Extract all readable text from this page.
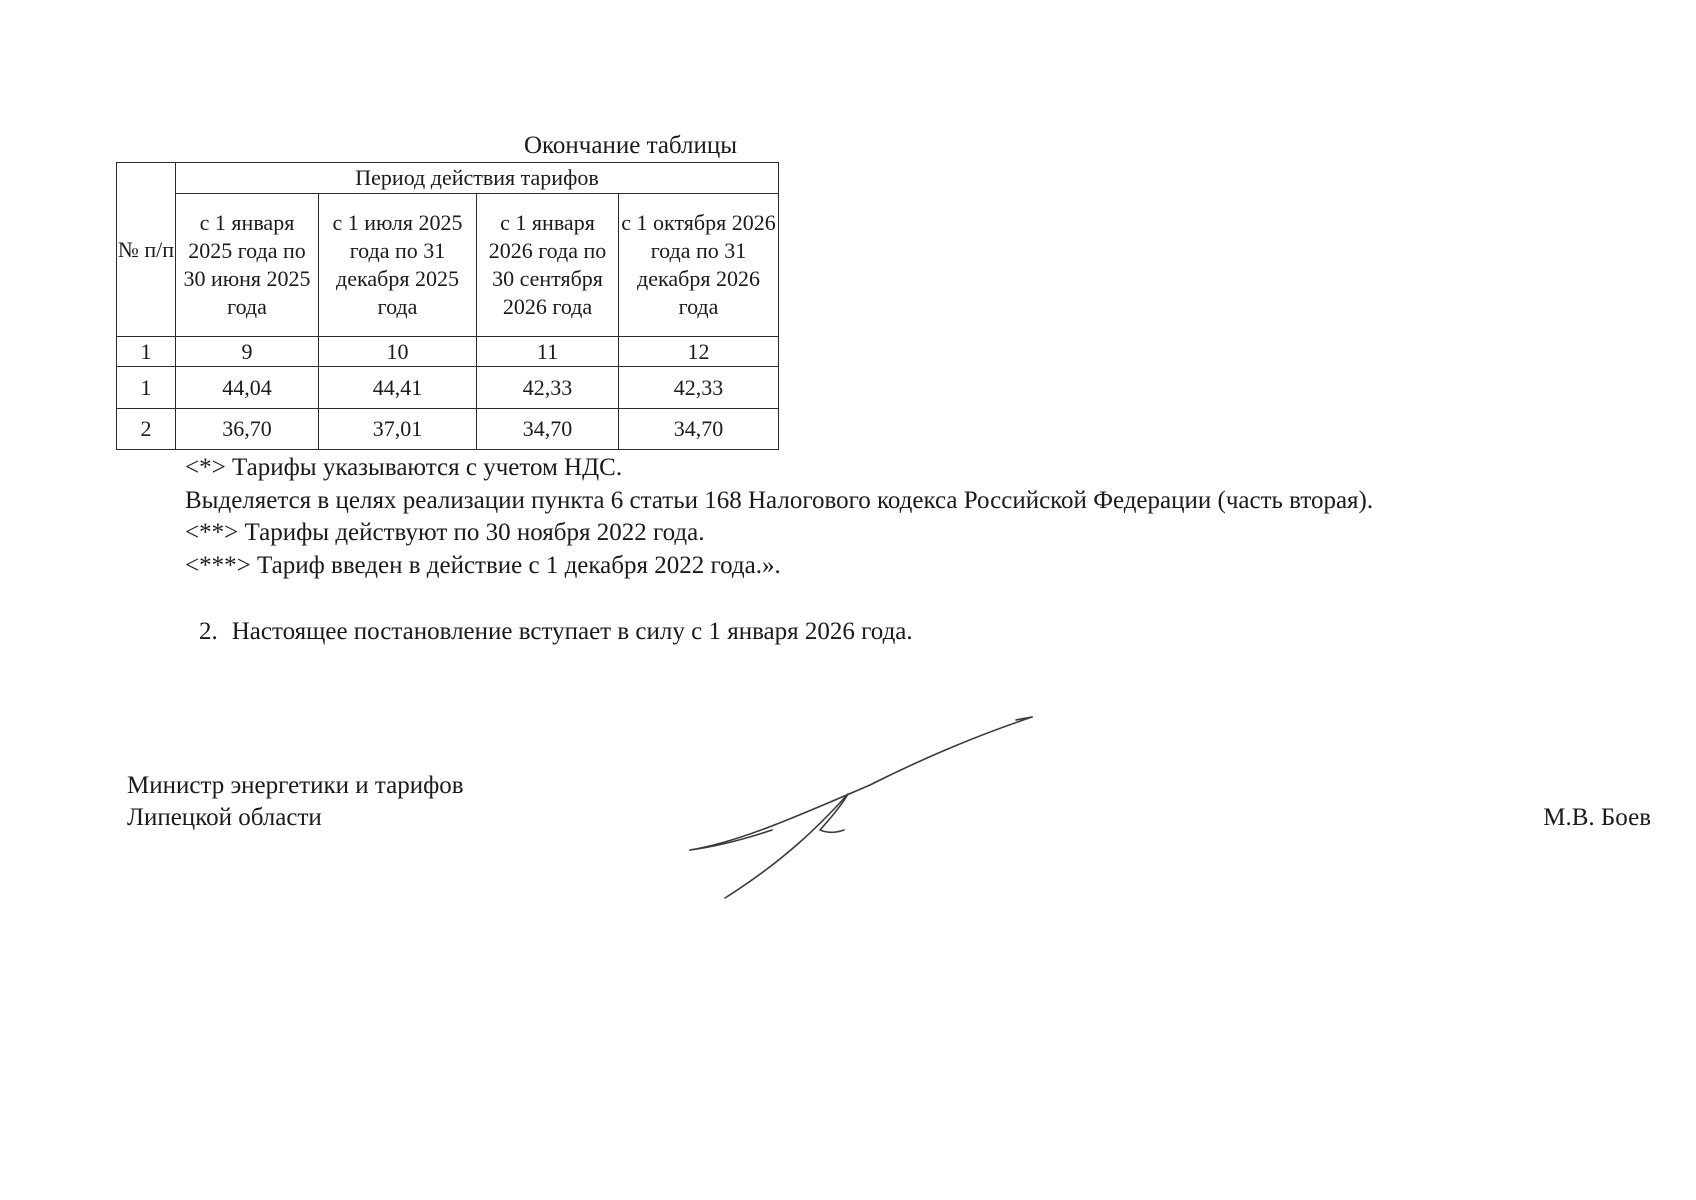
Окончание таблицы
№ п/п	Период действия тарифов			
	с 1 января 2025 года по 30 июня 2025 года	с 1 июля 2025 года по 31 декабря 2025 года	с 1 января 2026 года по 30 сентября 2026 года	с 1 октября 2026 года по 31 декабря 2026 года
1	9	10	11	12
1	44,04	44,41	42,33	42,33
2	36,70	37,01	34,70	34,70

<*> Тарифы указываются с учетом НДС.

Выделяется в целях реализации пункта 6 статьи 168 Налогового кодекса Российской Федерации (часть вторая).

<**> Тарифы действуют по 30 ноября 2022 года.

<***> Тариф введен в действие с 1 декабря 2022 года.».

2. Настоящее постановление вступает в силу с 1 января 2026 года.
Министр энергетики и тарифов
Липецкой области	М.В. Боев
